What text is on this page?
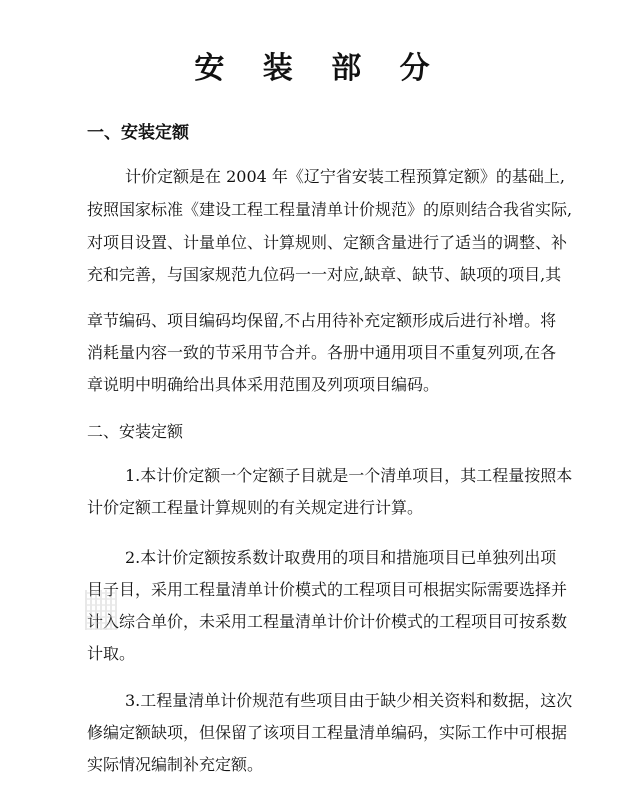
安 装 部 分
一、安装定额
计价定额是在 2004 年《辽宁省安装工程预算定额》的基础上,
按照国家标准《建设工程工程量清单计价规范》的原则结合我省实际,
对项目设置、计量单位、计算规则、定额含量进行了适当的调整、补
充和完善，与国家规范九位码一一对应,缺章、缺节、缺项的项目,其
章节编码、项目编码均保留,不占用待补充定额形成后进行补增。将
消耗量内容一致的节采用节合并。各册中通用项目不重复列项,在各
章说明中明确给出具体采用范围及列项项目编码。
二、安装定额
1.本计价定额一个定额子目就是一个清单项目，其工程量按照本
计价定额工程量计算规则的有关规定进行计算。
2.本计价定额按系数计取费用的项目和措施项目已单独列出项
目子目，采用工程量清单计价模式的工程项目可根据实际需要选择并
计入综合单价，未采用工程量清单计价计价模式的工程项目可按系数
计取。
3.工程量清单计价规范有些项目由于缺少相关资料和数据，这次
修编定额缺项，但保留了该项目工程量清单编码，实际工作中可根据
实际情况编制补充定额。
